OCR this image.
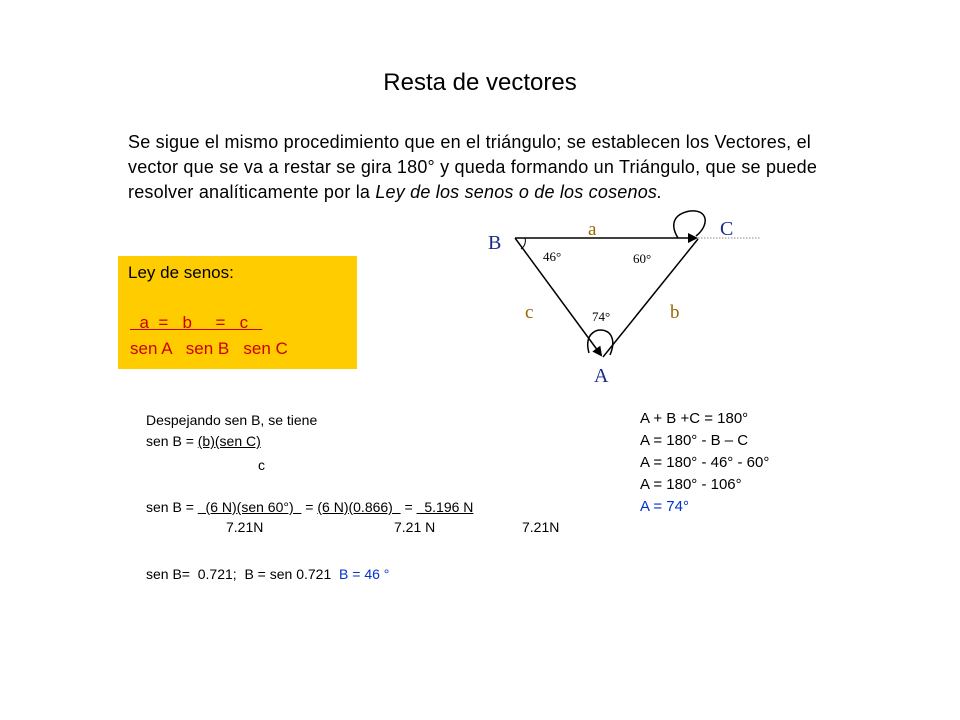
Resta de vectores
Se sigue el mismo procedimiento que en el triángulo; se establecen los Vectores, el vector que se va a restar se gira 180° y queda formando un Triángulo, que se puede resolver analíticamente por la Ley de los senos o de los cosenos.
Ley de senos:
a  =   b     =   c
sen A   sen B   sen C
B
C
A
a
b
c
46°	60°
74°
Despejando sen B, se tiene
sen B = (b)(sen C)
c
sen B =   (6 N)(sen 60°)   = (6 N)(0.866)   =   5.196 N
7.21N	7.21 N	7.21N
sen B=  0.721;  B = sen 0.721  B = 46 °
A + B +C = 180°
A = 180° - B – C
A = 180° - 46° - 60°
A = 180° - 106°
A = 74°
